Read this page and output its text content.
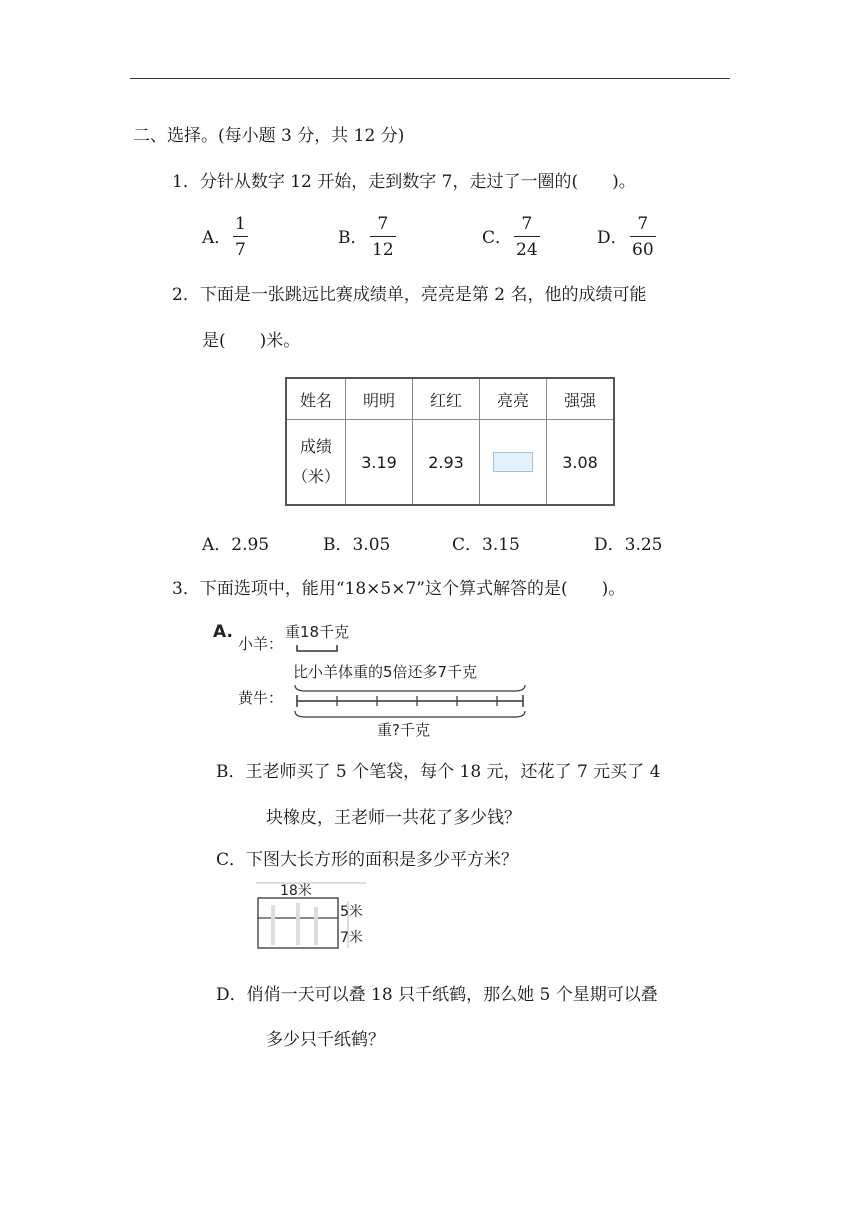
二、选择。(每小题 3 分，共 12 分)
1．分针从数字 12 开始，走到数字 7，走过了一圈的(　　)。
A．
1
7
B．
7
12
C．
7
24
D．
7
60
2．下面是一张跳远比赛成绩单，亮亮是第 2 名，他的成绩可能
是(　　)米。
姓名	明明	红红	亮亮	强强

成绩
（米）	3.19	2.93		3.08
A．2.95	B．3.05	C．3.15	D．3.25
3．下面选项中，能用“18×5×7”这个算式解答的是(　　)。
A.
小羊：
重18千克
比小羊体重的5倍还多7千克
黄牛：
重?千克
B．王老师买了 5 个笔袋，每个 18 元，还花了 7 元买了 4
块橡皮，王老师一共花了多少钱？
C．下图大长方形的面积是多少平方米？
18米
5米
7米
D．俏俏一天可以叠 18 只千纸鹤，那么她 5 个星期可以叠
多少只千纸鹤？
